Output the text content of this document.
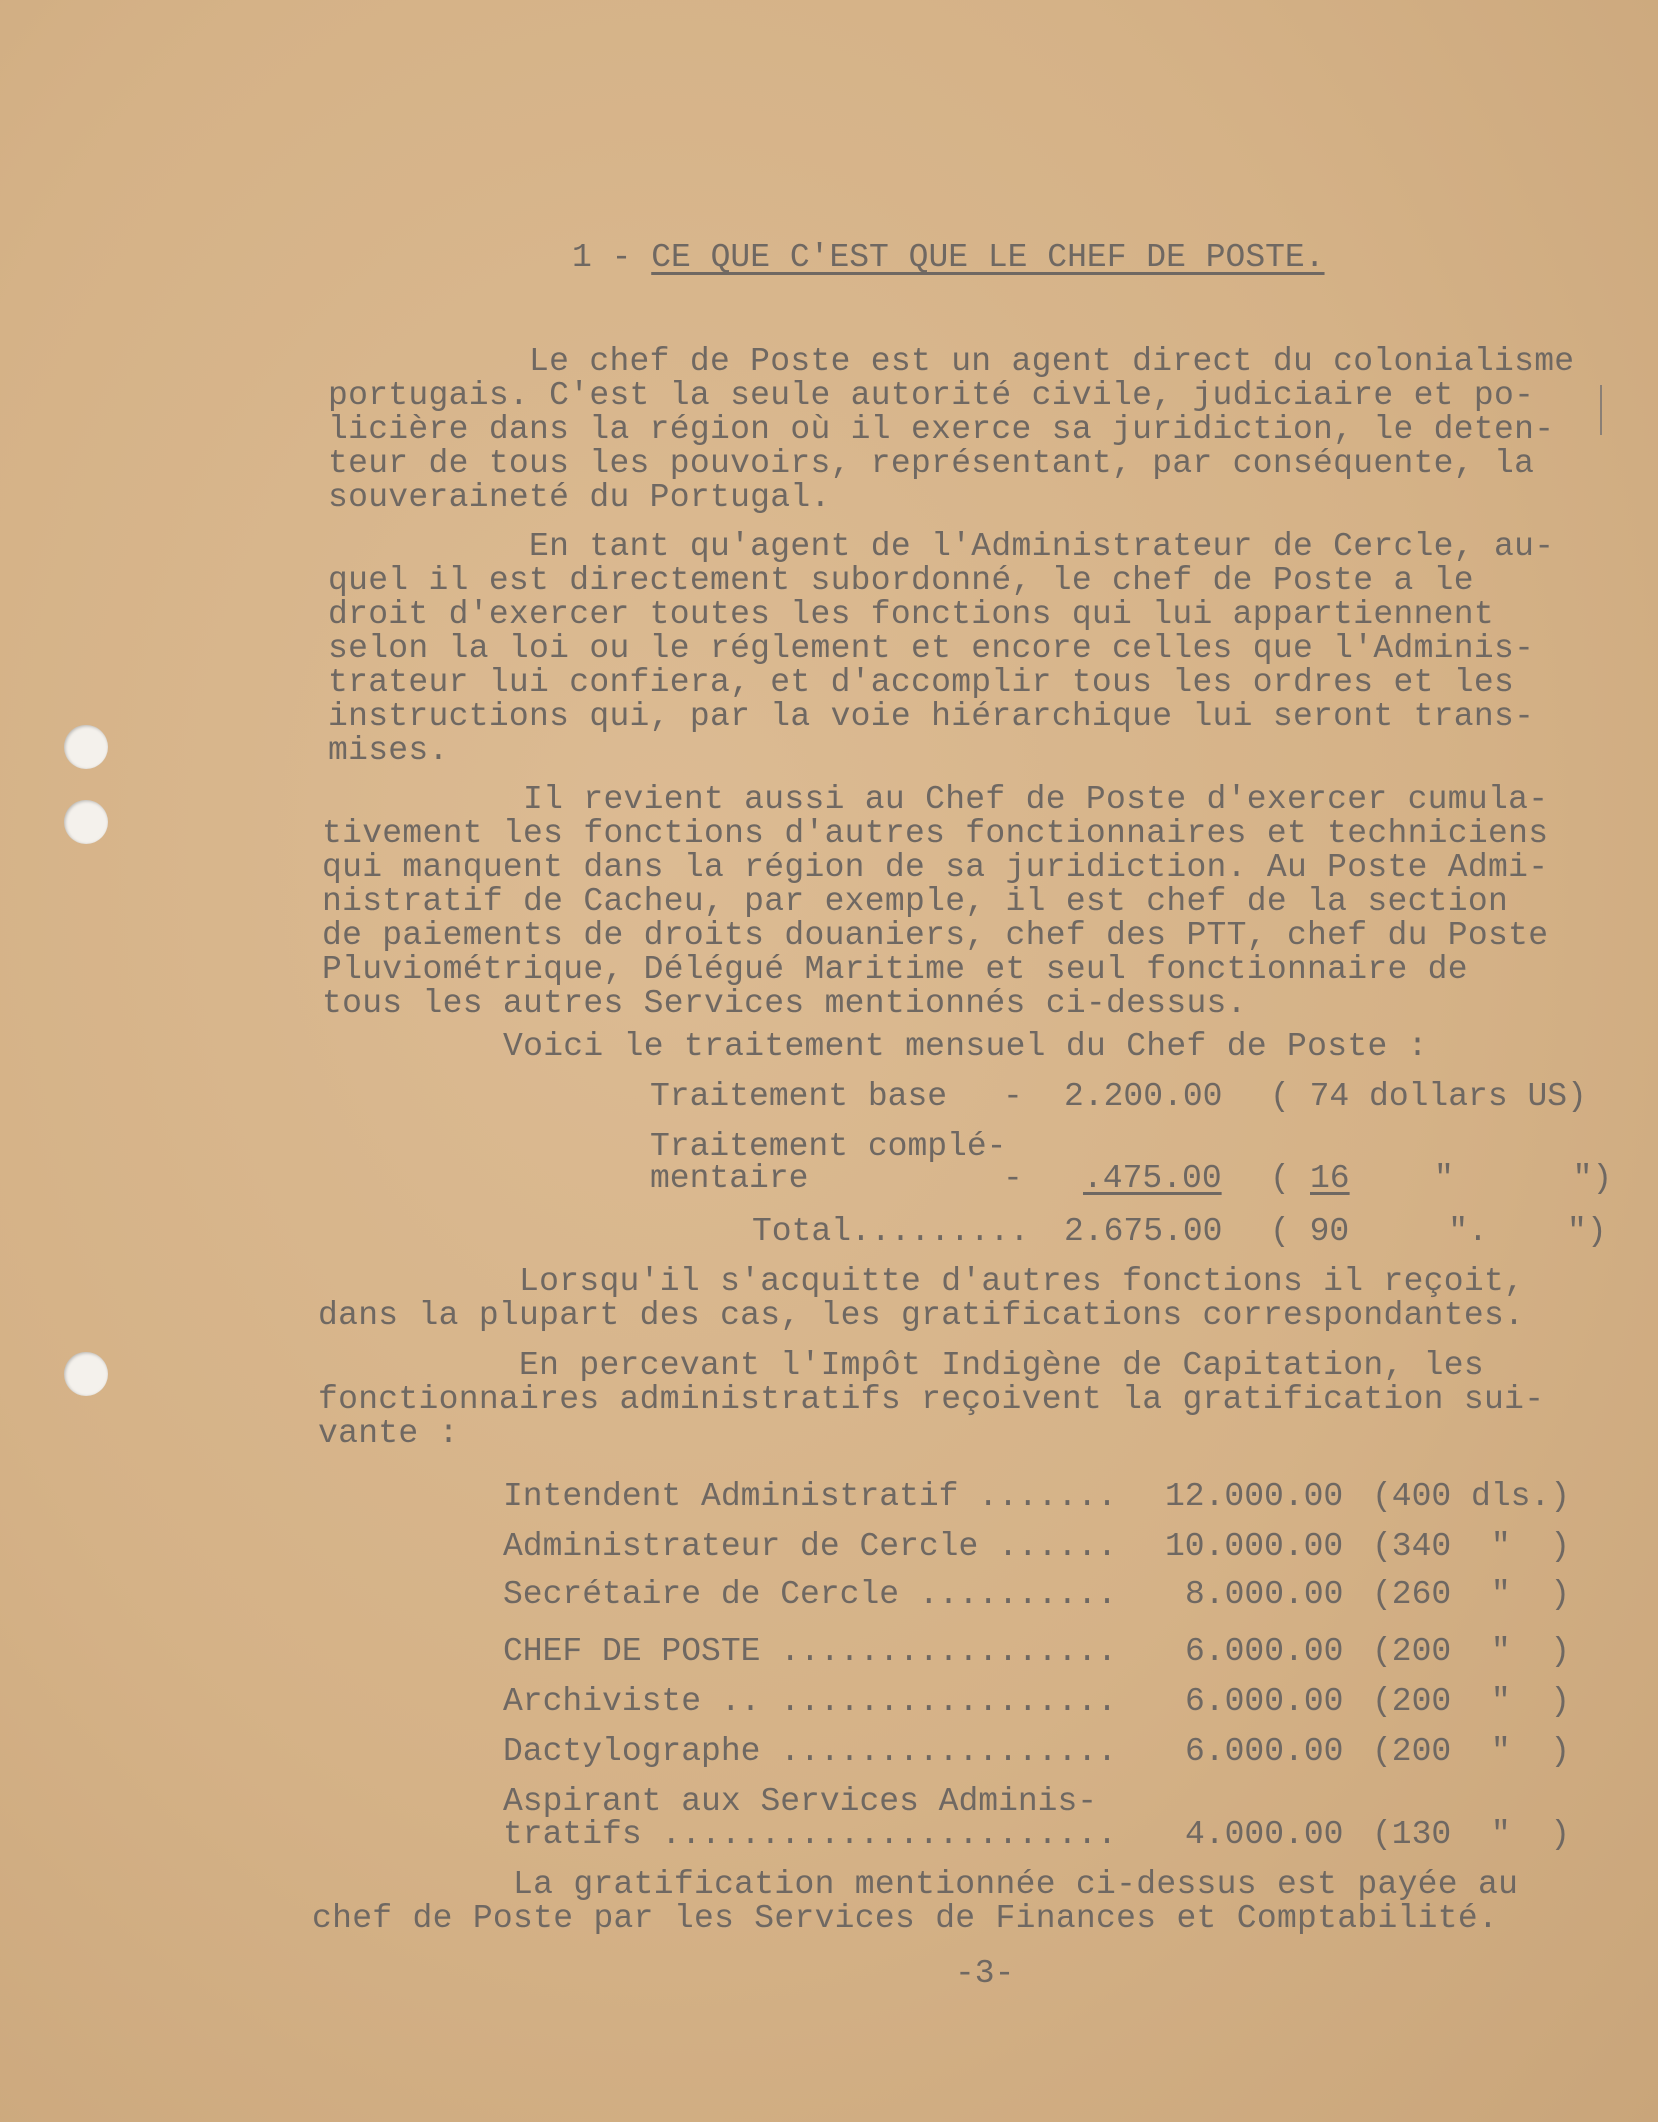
1 - CE QUE C'EST QUE LE CHEF DE POSTE.
Le chef de Poste est un agent direct du colonialisme
portugais. C'est la seule autorité civile, judiciaire et po-
licière dans la région où il exerce sa juridiction, le deten-
teur de tous les pouvoirs, représentant, par conséquente, la
souveraineté du Portugal.
En tant qu'agent de l'Administrateur de Cercle, au-
quel il est directement subordonné, le chef de Poste a le
droit d'exercer toutes les fonctions qui lui appartiennent
selon la loi ou le réglement et encore celles que l'Adminis-
trateur lui confiera, et d'accomplir tous les ordres et les
instructions qui, par la voie hiérarchique lui seront trans-
mises.
Il revient aussi au Chef de Poste d'exercer cumula-
tivement les fonctions d'autres fonctionnaires et techniciens
qui manquent dans la région de sa juridiction. Au Poste Admi-
nistratif de Cacheu, par exemple, il est chef de la section
de paiements de droits douaniers, chef des PTT, chef du Poste
Pluviométrique, Délégué Maritime et seul fonctionnaire de
tous les autres Services mentionnés ci-dessus.
Voici le traitement mensuel du Chef de Poste :
Traitement base - 2.200.00 ( 74 dollars US)
Traitement complé-
mentaire	- .475.00 ( 16	"      ")
Total......... 2.675.00 ( 90     ".    ")
Lorsqu'il s'acquitte d'autres fonctions il reçoit,
dans la plupart des cas, les gratifications correspondantes.
En percevant l'Impôt Indigène de Capitation, les
fonctionnaires administratifs reçoivent la gratification sui-
vante :
Intendent Administratif ....... 12.000.00 (400 dls.)
Administrateur de Cercle ...... 10.000.00 (340  "  )
Secrétaire de Cercle .......... 8.000.00 (260  "  )
CHEF DE POSTE ................. 6.000.00 (200  "  )
Archiviste .. ................. 6.000.00 (200  "  )
Dactylographe ................. 6.000.00 (200  "  )
Aspirant aux Services Adminis-
tratifs ....................... 4.000.00 (130  "  )
La gratification mentionnée ci-dessus est payée au
chef de Poste par les Services de Finances et Comptabilité.
-3-
